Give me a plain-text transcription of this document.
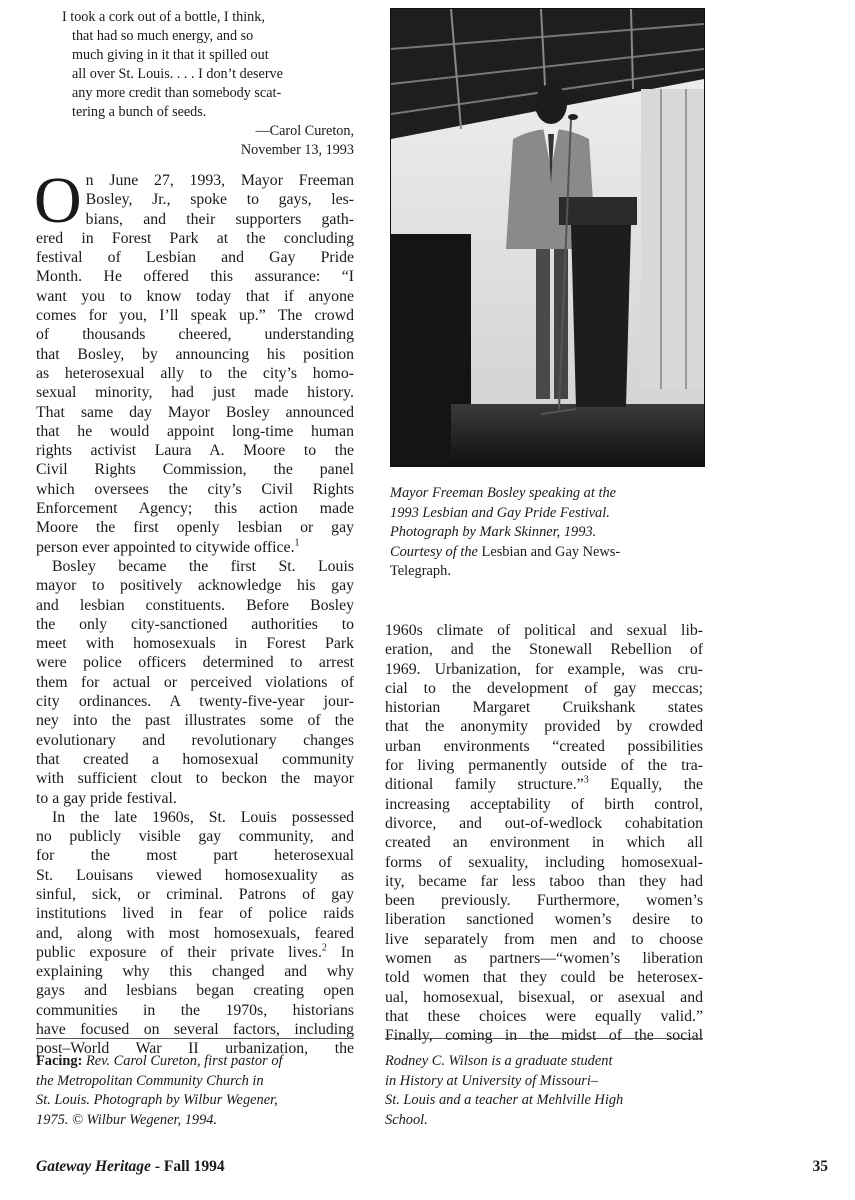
I took a cork out of a bottle, I think,
that had so much energy, and so
much giving in it that it spilled out
all over St. Louis. . . . I don’t deserve
any more credit than somebody scat-
tering a bunch of seeds.
—Carol Cureton,
November 13, 1993
O n June 27, 1993, Mayor Freeman
Bosley, Jr., spoke to gays, les-
bians, and their supporters gath-
ered in Forest Park at the concluding
festival of Lesbian and Gay Pride
Month. He offered this assurance: “I
want you to know today that if anyone
comes for you, I’ll speak up.” The crowd
of thousands cheered, understanding
that Bosley, by announcing his position
as heterosexual ally to the city’s homo-
sexual minority, had just made history.
That same day Mayor Bosley announced
that he would appoint long-time human
rights activist Laura A. Moore to the
Civil Rights Commission, the panel
which oversees the city’s Civil Rights
Enforcement Agency; this action made
Moore the first openly lesbian or gay
person ever appointed to citywide office.$^1$
Bosley became the first St. Louis
mayor to positively acknowledge his gay
and lesbian constituents. Before Bosley
the only city-sanctioned authorities to
meet with homosexuals in Forest Park
were police officers determined to arrest
them for actual or perceived violations of
city ordinances. A twenty-five-year jour-
ney into the past illustrates some of the
evolutionary and revolutionary changes
that created a homosexual community
with sufficient clout to beckon the mayor
to a gay pride festival.
In the late 1960s, St. Louis possessed
no publicly visible gay community, and
for the most part heterosexual
St. Louisans viewed homosexuality as
sinful, sick, or criminal. Patrons of gay
institutions lived in fear of police raids
and, along with most homosexuals, feared
public exposure of their private lives.$^2$ In
explaining why this changed and why
gays and lesbians began creating open
communities in the 1970s, historians
have focused on several factors, including
post–World War II urbanization, the
Mayor Freeman Bosley speaking at the
1993 Lesbian and Gay Pride Festival.
Photograph by Mark Skinner, 1993.
Courtesy of the Lesbian and Gay News-
Telegraph.
1960s climate of political and sexual lib-
eration, and the Stonewall Rebellion of
1969. Urbanization, for example, was cru-
cial to the development of gay meccas;
historian Margaret Cruikshank states
that the anonymity provided by crowded
urban environments “created possibilities
for living permanently outside of the tra-
ditional family structure.”$^3$ Equally, the
increasing acceptability of birth control,
divorce, and out-of-wedlock cohabitation
created an environment in which all
forms of sexuality, including homosexual-
ity, became far less taboo than they had
been previously. Furthermore, women’s
liberation sanctioned women’s desire to
live separately from men and to choose
women as partners—“women’s liberation
told women that they could be heterosex-
ual, homosexual, bisexual, or asexual and
that these choices were equally valid.”
Finally, coming in the midst of the social
Facing: Rev. Carol Cureton, first pastor of
the Metropolitan Community Church in
St. Louis. Photograph by Wilbur Wegener,
1975. © Wilbur Wegener, 1994.
Rodney C. Wilson is a graduate student
in History at University of Missouri–
St. Louis and a teacher at Mehlville High
School.
Gateway Heritage - Fall 1994	35
